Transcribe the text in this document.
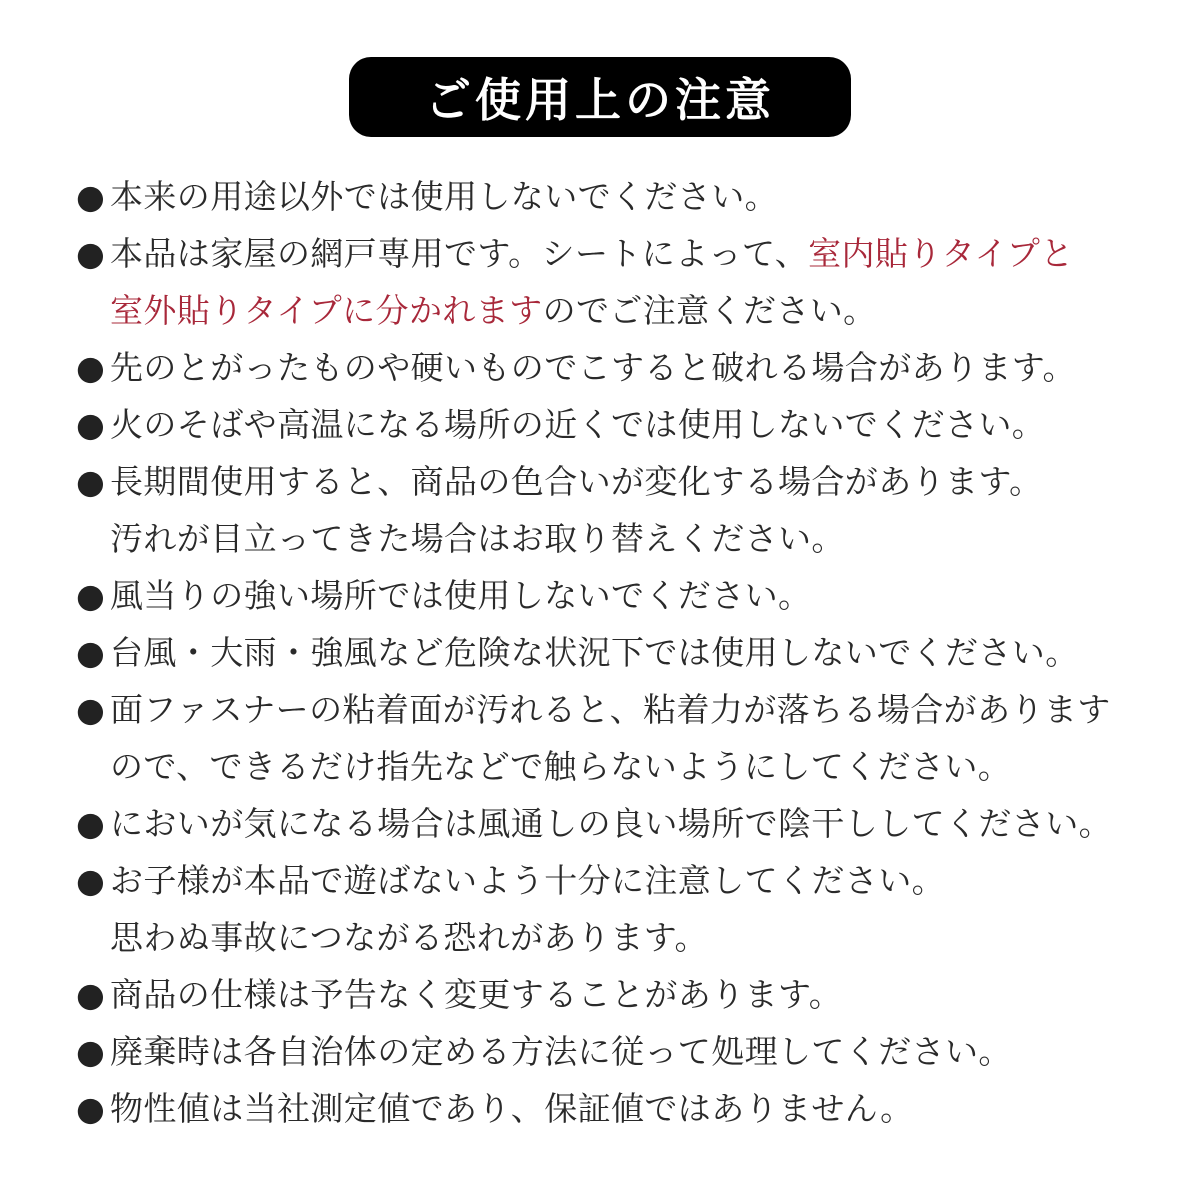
ご使用上の注意
● 本来の用途以外では使用しないでください。
● 本品は家屋の網戸専用です。シートによって、室内貼りタイプと
室外貼りタイプに分かれますのでご注意ください。
● 先のとがったものや硬いものでこすると破れる場合があります。
● 火のそばや高温になる場所の近くでは使用しないでください。
● 長期間使用すると、商品の色合いが変化する場合があります。
汚れが目立ってきた場合はお取り替えください。
● 風当りの強い場所では使用しないでください。
● 台風・大雨・強風など危険な状況下では使用しないでください。
● 面ファスナーの粘着面が汚れると、粘着力が落ちる場合があります
ので、できるだけ指先などで触らないようにしてください。
● においが気になる場合は風通しの良い場所で陰干ししてください。
● お子様が本品で遊ばないよう十分に注意してください。
思わぬ事故につながる恐れがあります。
● 商品の仕様は予告なく変更することがあります。
● 廃棄時は各自治体の定める方法に従って処理してください。
● 物性値は当社測定値であり、保証値ではありません。
